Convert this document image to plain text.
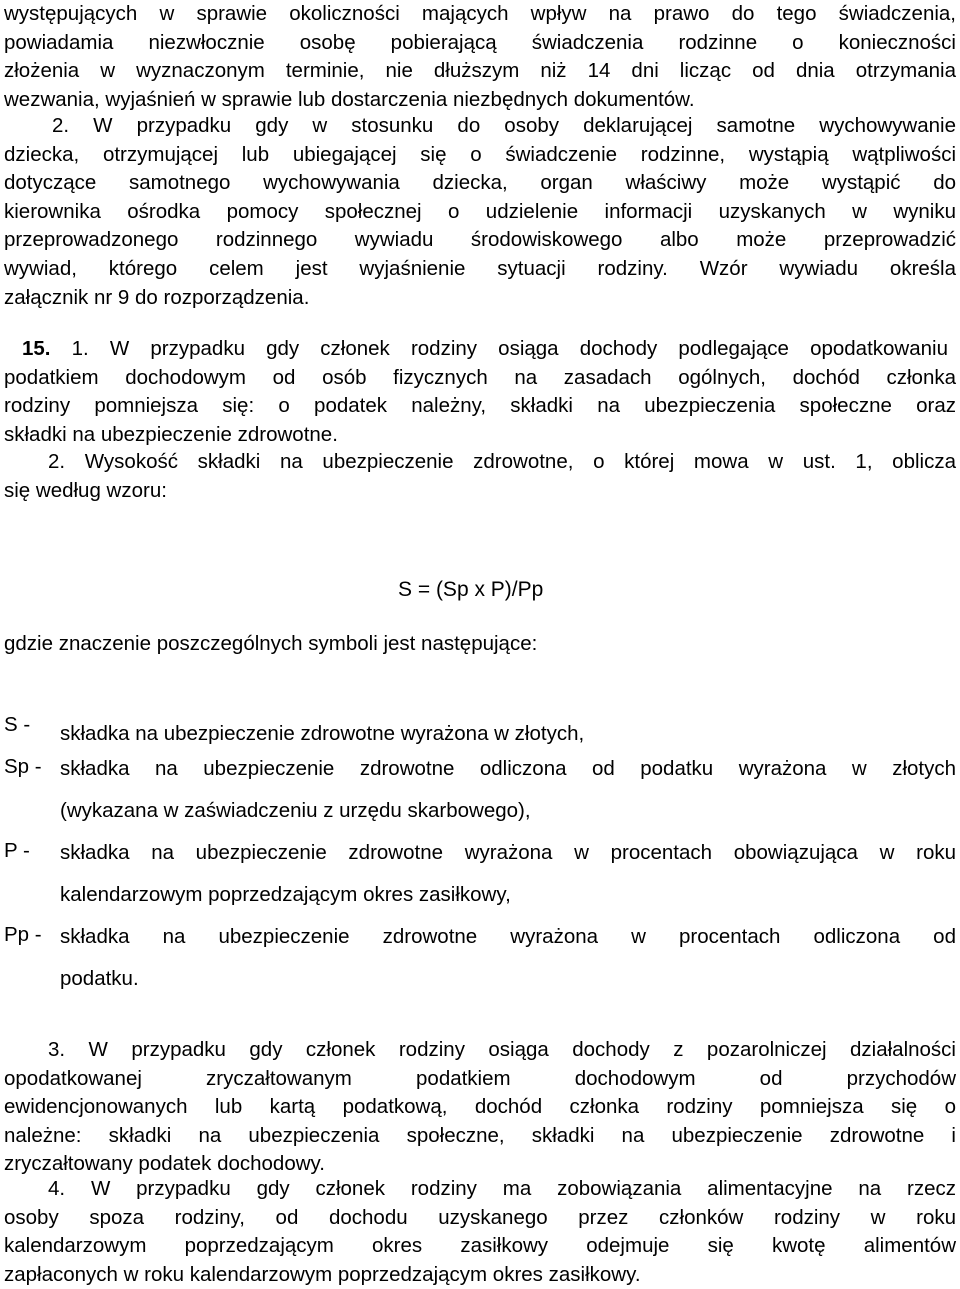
występujących w sprawie okoliczności mających wpływ na prawo do tego świadczenia,
powiadamia niezwłocznie osobę pobierającą świadczenia rodzinne o konieczności
złożenia w wyznaczonym terminie, nie dłuższym niż 14 dni licząc od dnia otrzymania
wezwania, wyjaśnień w sprawie lub dostarczenia niezbędnych dokumentów.
2. W przypadku gdy w stosunku do osoby deklarującej samotne wychowywanie
dziecka, otrzymującej lub ubiegającej się o świadczenie rodzinne, wystąpią wątpliwości
dotyczące samotnego wychowywania dziecka, organ właściwy może wystąpić do
kierownika ośrodka pomocy społecznej o udzielenie informacji uzyskanych w wyniku
przeprowadzonego rodzinnego wywiadu środowiskowego albo może przeprowadzić
wywiad, którego celem jest wyjaśnienie sytuacji rodziny. Wzór wywiadu określa
załącznik nr 9 do rozporządzenia.
15. 1. W przypadku gdy członek rodziny osiąga dochody podlegające opodatkowaniu
podatkiem dochodowym od osób fizycznych na zasadach ogólnych, dochód członka
rodziny pomniejsza się: o podatek należny, składki na ubezpieczenia społeczne oraz
składki na ubezpieczenie zdrowotne.
2. Wysokość składki na ubezpieczenie zdrowotne, o której mowa w ust. 1, oblicza
się według wzoru:
S = (Sp x P)/Pp
gdzie znaczenie poszczególnych symboli jest następujące:
S - składka na ubezpieczenie zdrowotne wyrażona w złotych,
Sp - składka na ubezpieczenie zdrowotne odliczona od podatku wyrażona w złotych
(wykazana w zaświadczeniu z urzędu skarbowego),
P - składka na ubezpieczenie zdrowotne wyrażona w procentach obowiązująca w roku
kalendarzowym poprzedzającym okres zasiłkowy,
Pp - składka na ubezpieczenie zdrowotne wyrażona w procentach odliczona od
podatku.
3. W przypadku gdy członek rodziny osiąga dochody z pozarolniczej działalności
opodatkowanej zryczałtowanym podatkiem dochodowym od przychodów
ewidencjonowanych lub kartą podatkową, dochód członka rodziny pomniejsza się o
należne: składki na ubezpieczenia społeczne, składki na ubezpieczenie zdrowotne i
zryczałtowany podatek dochodowy.
4. W przypadku gdy członek rodziny ma zobowiązania alimentacyjne na rzecz
osoby spoza rodziny, od dochodu uzyskanego przez członków rodziny w roku
kalendarzowym poprzedzającym okres zasiłkowy odejmuje się kwotę alimentów
zapłaconych w roku kalendarzowym poprzedzającym okres zasiłkowy.
